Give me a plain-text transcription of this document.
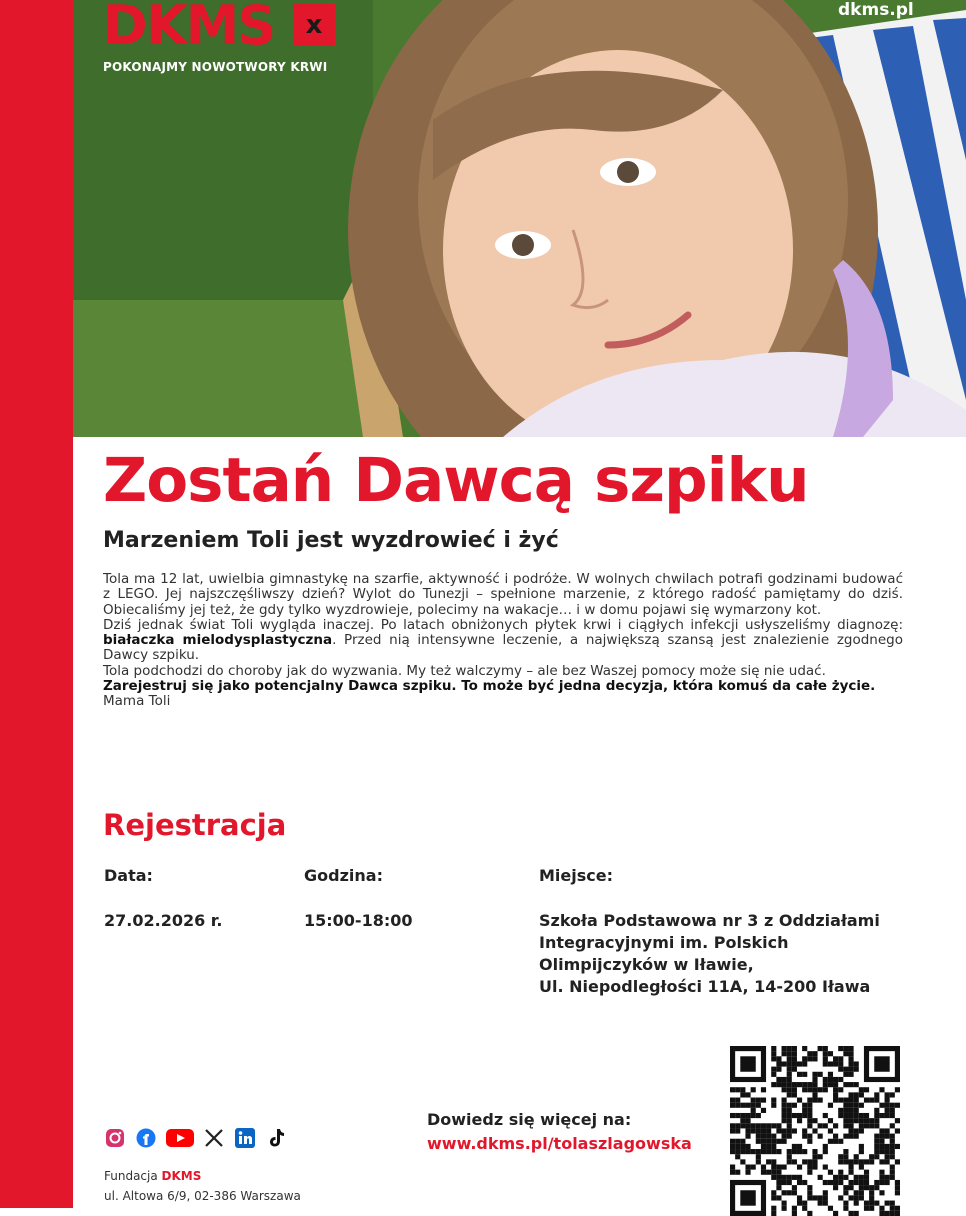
DKMS	x
POKONAJMY NOWOTWORY KRWI
dkms.pl
Zostań Dawcą szpiku
Marzeniem Toli jest wyzdrowieć i żyć

Tola ma 12 lat, uwielbia gimnastykę na szarfie, aktywność i podróże. W wolnych chwilach potrafi godzinami budować z LEGO. Jej najszczęśliwszy dzień? Wylot do Tunezji – spełnione marzenie, z którego radość pamiętamy do dziś. Obiecaliśmy jej też, że gdy tylko wyzdrowieje, polecimy na wakacje… i w domu pojawi się wymarzony kot.

Dziś jednak świat Toli wygląda inaczej. Po latach obniżonych płytek krwi i ciągłych infekcji usłyszeliśmy diagnozę: białaczka mielodysplastyczna. Przed nią intensywne leczenie, a największą szansą jest znalezienie zgodnego Dawcy szpiku.

Tola podchodzi do choroby jak do wyzwania. My też walczymy – ale bez Waszej pomocy może się nie udać.

Zarejestruj się jako potencjalny Dawca szpiku. To może być jedna decyzja, która komuś da całe życie.

Mama Toli

Rejestracja
Data:	Godzina:	Miejsce:
27.02.2026 r.	15:00-18:00	Szkoła Podstawowa nr 3 z Oddziałami
Integracyjnymi im. Polskich
Olimpijczyków w Iławie,
Ul. Niepodległości 11A, 14-200 Iława
Fundacja DKMS
ul. Altowa 6/9, 02-386 Warszawa
Dowiedz się więcej na:
www.dkms.pl/tolaszlagowska
